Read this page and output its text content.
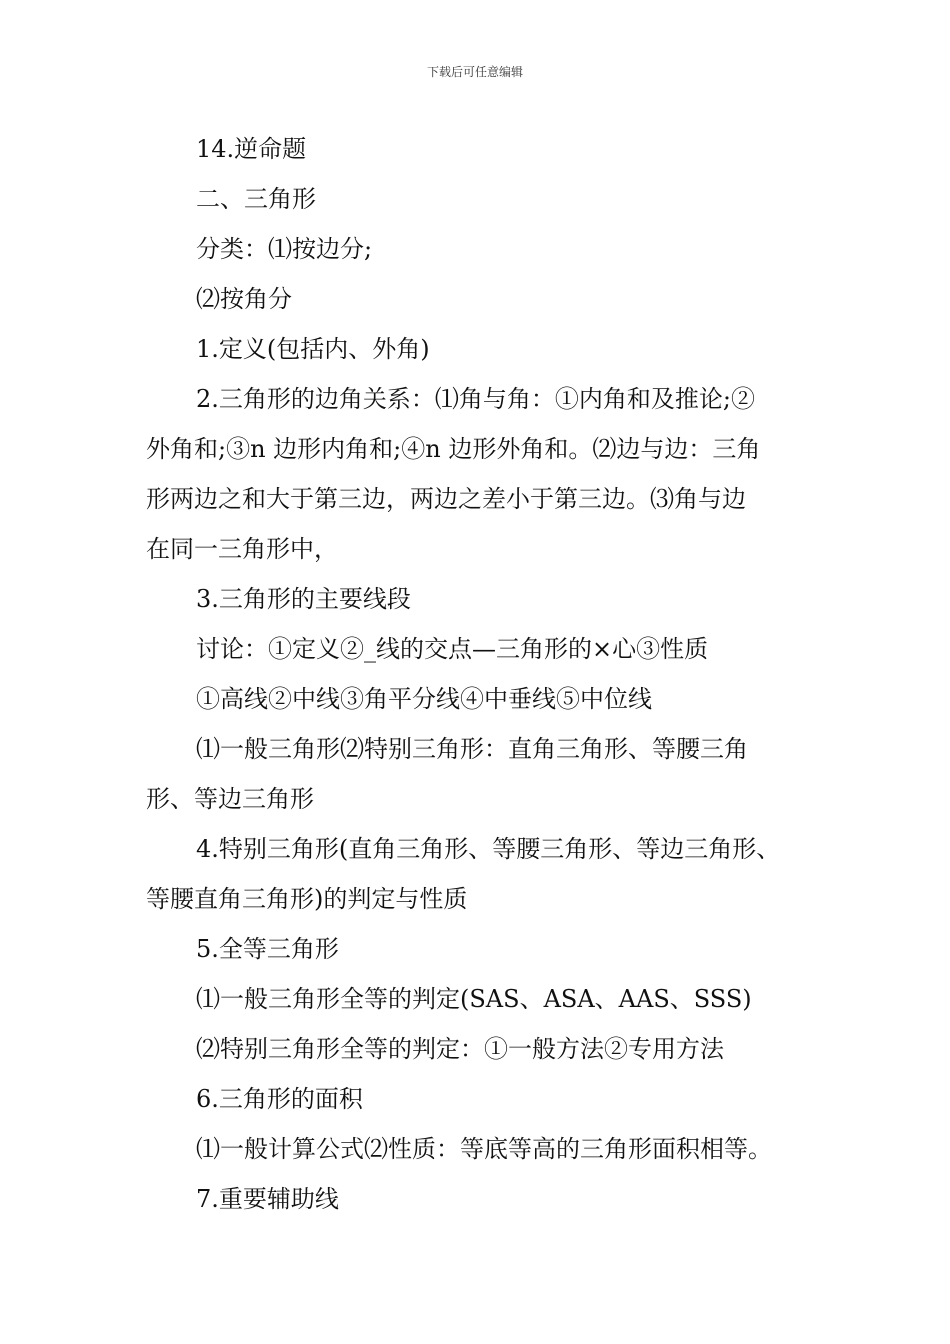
下载后可任意编辑
14.逆命题
二、三角形
分类：⑴按边分;
⑵按角分
1.定义(包括内、外角)
2.三角形的边角关系：⑴角与角：①内角和及推论;②
外角和;③n 边形内角和;④n 边形外角和。⑵边与边：三角
形两边之和大于第三边，两边之差小于第三边。⑶角与边
在同一三角形中，
3.三角形的主要线段
讨论：①定义②_线的交点—三角形的×心③性质
①高线②中线③角平分线④中垂线⑤中位线
⑴一般三角形⑵特别三角形：直角三角形、等腰三角
形、等边三角形
4.特别三角形(直角三角形、等腰三角形、等边三角形、
等腰直角三角形)的判定与性质
5.全等三角形
⑴一般三角形全等的判定(SAS、ASA、AAS、SSS)
⑵特别三角形全等的判定：①一般方法②专用方法
6.三角形的面积
⑴一般计算公式⑵性质：等底等高的三角形面积相等。
7.重要辅助线
